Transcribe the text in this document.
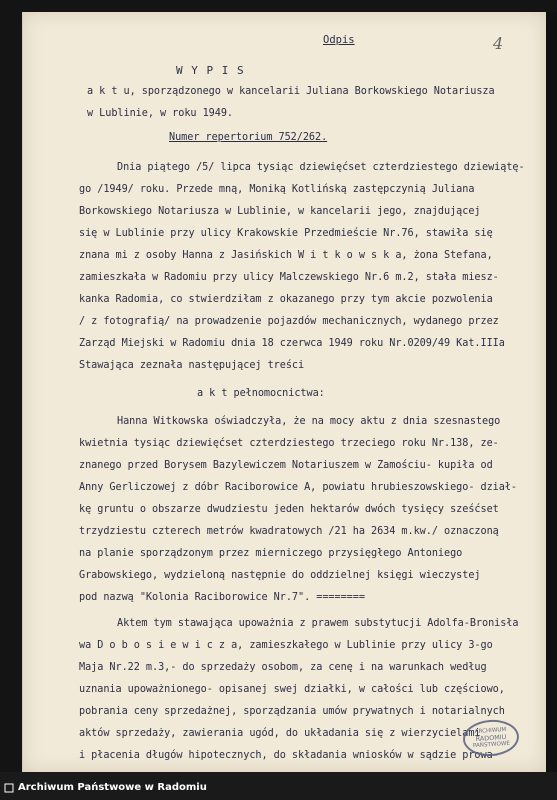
Odpis	4
W Y P I S
a k t u, sporządzonego w kancelarii Juliana Borkowskiego Notariusza
w Lublinie, w roku 1949.
Numer repertorium 752/262.
Dnia piątego /5/ lipca tysiąc dziewięćset czterdziestego dziewiątę-
go /1949/ roku. Przede mną, Moniką Kotlińską zastępczynią Juliana
Borkowskiego Notariusza w Lublinie, w kancelarii jego, znajdującej
się w Lublinie przy ulicy Krakowskie Przedmieście Nr.76, stawiła się
znana mi z osoby Hanna z Jasińskich W i t k o w s k a, żona Stefana,
zamieszkała w Radomiu przy ulicy Malczewskiego Nr.6 m.2, stała miesz-
kanka Radomia, co stwierdziłam z okazanego przy tym akcie pozwolenia
/ z fotografią/ na prowadzenie pojazdów mechanicznych, wydanego przez
Zarząd Miejski w Radomiu dnia 18 czerwca 1949 roku Nr.0209/49 Kat.IIIa
Stawająca zeznała następującej treści
a k t pełnomocnictwa:
Hanna Witkowska oświadczyła, że na mocy aktu z dnia szesnastego
kwietnia tysiąc dziewięćset czterdziestego trzeciego roku Nr.138, ze-
znanego przed Borysem Bazylewiczem Notariuszem w Zamościu- kupiła od
Anny Gerliczowej z dóbr Raciborowice A, powiatu hrubieszowskiego- dział-
kę gruntu o obszarze dwudziestu jeden hektarów dwóch tysięcy sześćset
trzydziestu czterech metrów kwadratowych /21 ha 2634 m.kw./ oznaczoną
na planie sporządzonym przez mierniczego przysięgłego Antoniego
Grabowskiego, wydzieloną następnie do oddzielnej księgi wieczystej
pod nazwą "Kolonia Raciborowice Nr.7". ========
Aktem tym stawająca upoważnia z prawem substytucji Adolfa-Bronisła
wa D o b o s i e w i c z a, zamieszkałego w Lublinie przy ulicy 3-go
Maja Nr.22 m.3,- do sprzedaży osobom, za cenę i na warunkach według
uznania upoważnionego- opisanej swej działki, w całości lub częściowo,
pobrania ceny sprzedażnej, sporządzania umów prywatnych i notarialnych
aktów sprzedaży, zawierania ugód, do układania się z wierzycielami
i płacenia długów hipotecznych, do składania wniosków w sądzie prowa-
ARCHIWUM
RADOMIU
PAŃSTWOWE
Archiwum Państwowe w Radomiu
